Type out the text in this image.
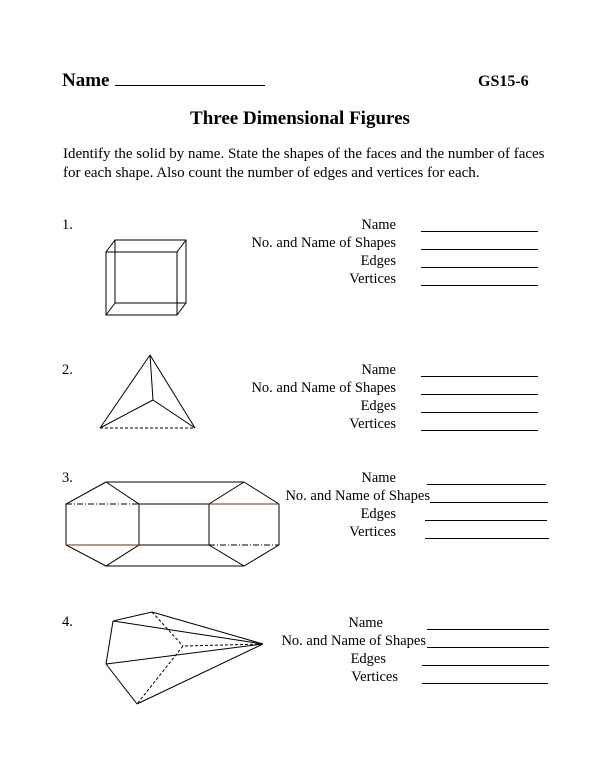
Name	GS15-6
Three Dimensional Figures
Identify the solid by name. State the shapes of the faces and the number of faces for each shape. Also count the number of edges and vertices for each.
1.	Name
No. and Name of Shapes
Edges
Vertices
2.	Name
No. and Name of Shapes
Edges
Vertices
3.	Name
No. and Name of Shapes
Edges
Vertices
4.	Name
No. and Name of Shapes
Edges
Vertices
